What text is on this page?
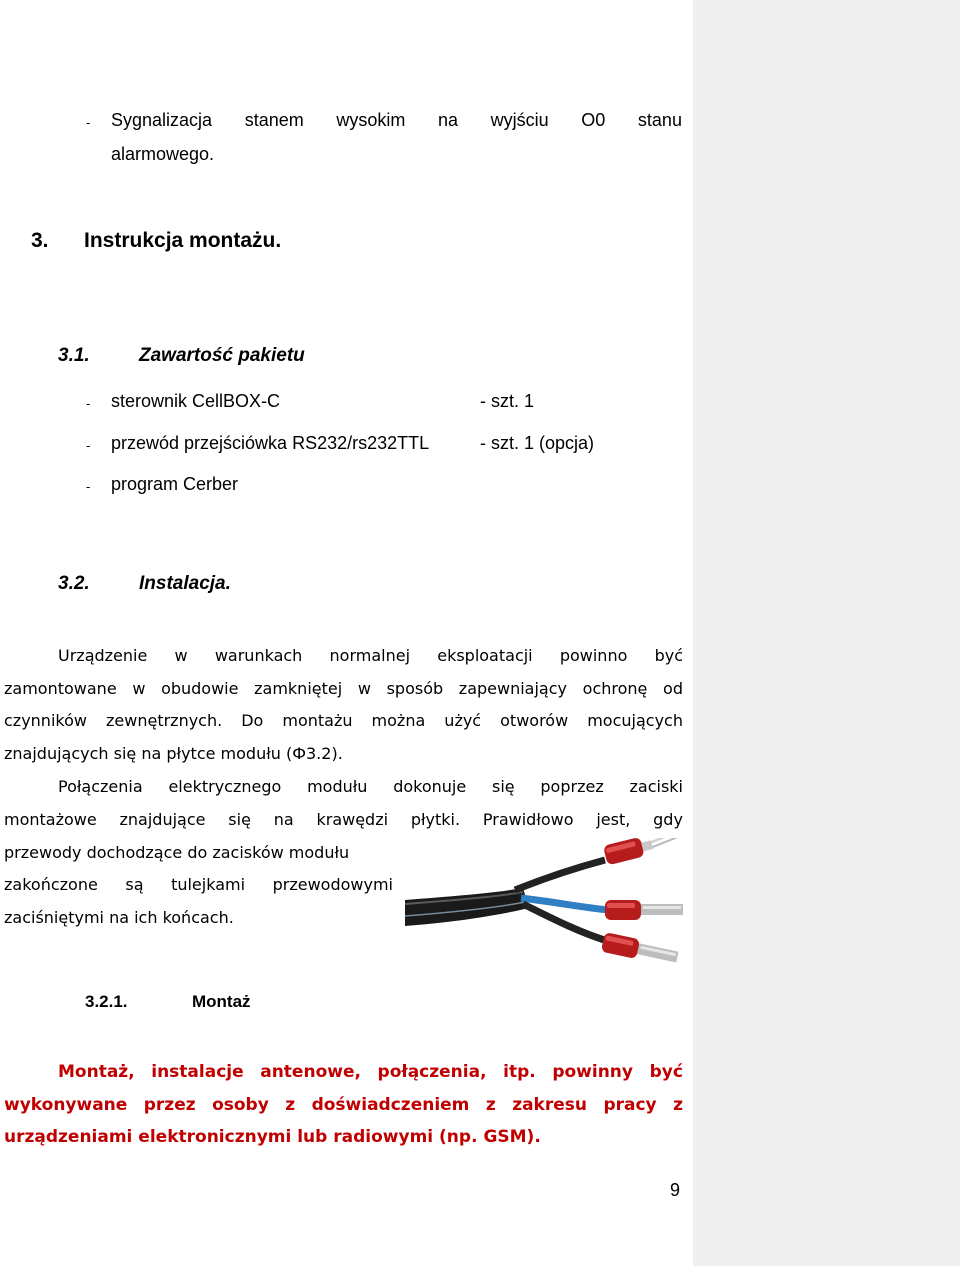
- Sygnalizacja stanem wysokim na wyjściu O0 stanu
alarmowego.
3. Instrukcja montażu.
3.1.	Zawartość pakietu
- sterownik CellBOX-C	- szt. 1
- przewód przejściówka RS232/rs232TTL	- szt. 1 (opcja)
- program Cerber
3.2.	Instalacja.
Urządzenie w warunkach normalnej eksploatacji powinno być
zamontowane w obudowie zamkniętej w sposób zapewniający ochronę od
czynników zewnętrznych. Do montażu można użyć otworów mocujących
znajdujących się na płytce modułu (Ф3.2).
Połączenia elektrycznego modułu dokonuje się poprzez zaciski
montażowe znajdujące się na krawędzi płytki. Prawidłowo jest, gdy
przewody dochodzące do zacisków modułu
zakończone są tulejkami przewodowymi
zaciśniętymi na ich końcach.
3.2.1.	Montaż
Montaż, instalacje antenowe, połączenia, itp. powinny być
wykonywane przez osoby z doświadczeniem z zakresu pracy z
urządzeniami elektronicznymi lub radiowymi (np. GSM).
9
